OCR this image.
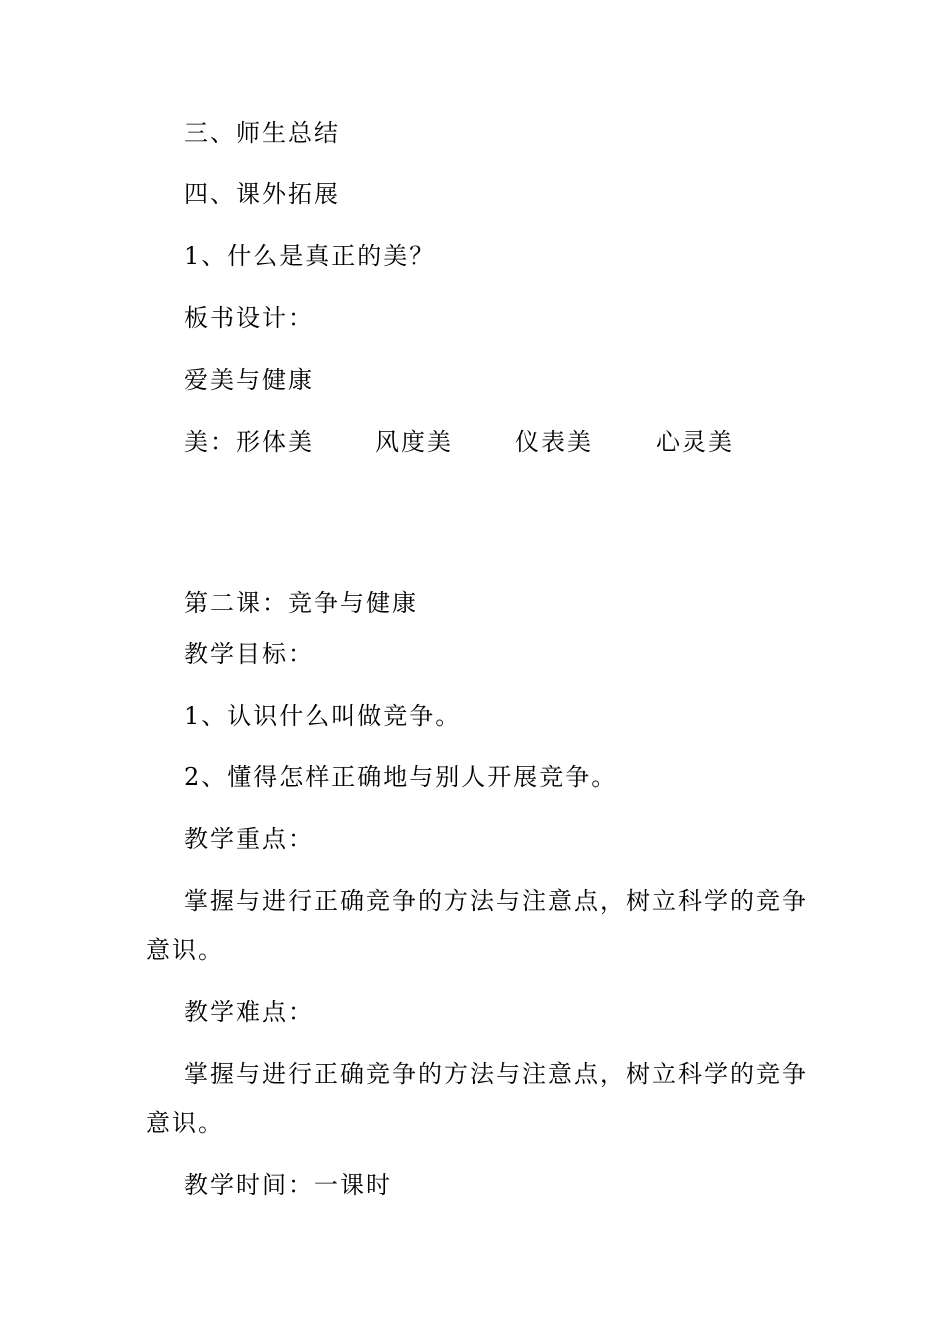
三、师生总结
四、课外拓展
1、什么是真正的美？
板书设计：
爱美与健康
美：形体美	风度美	仪表美	心灵美
第二课：竞争与健康
教学目标：
1、认识什么叫做竞争。
2、懂得怎样正确地与别人开展竞争。
教学重点：
掌握与进行正确竞争的方法与注意点，树立科学的竞争
意识。
教学难点：
掌握与进行正确竞争的方法与注意点，树立科学的竞争
意识。
教学时间：一课时
